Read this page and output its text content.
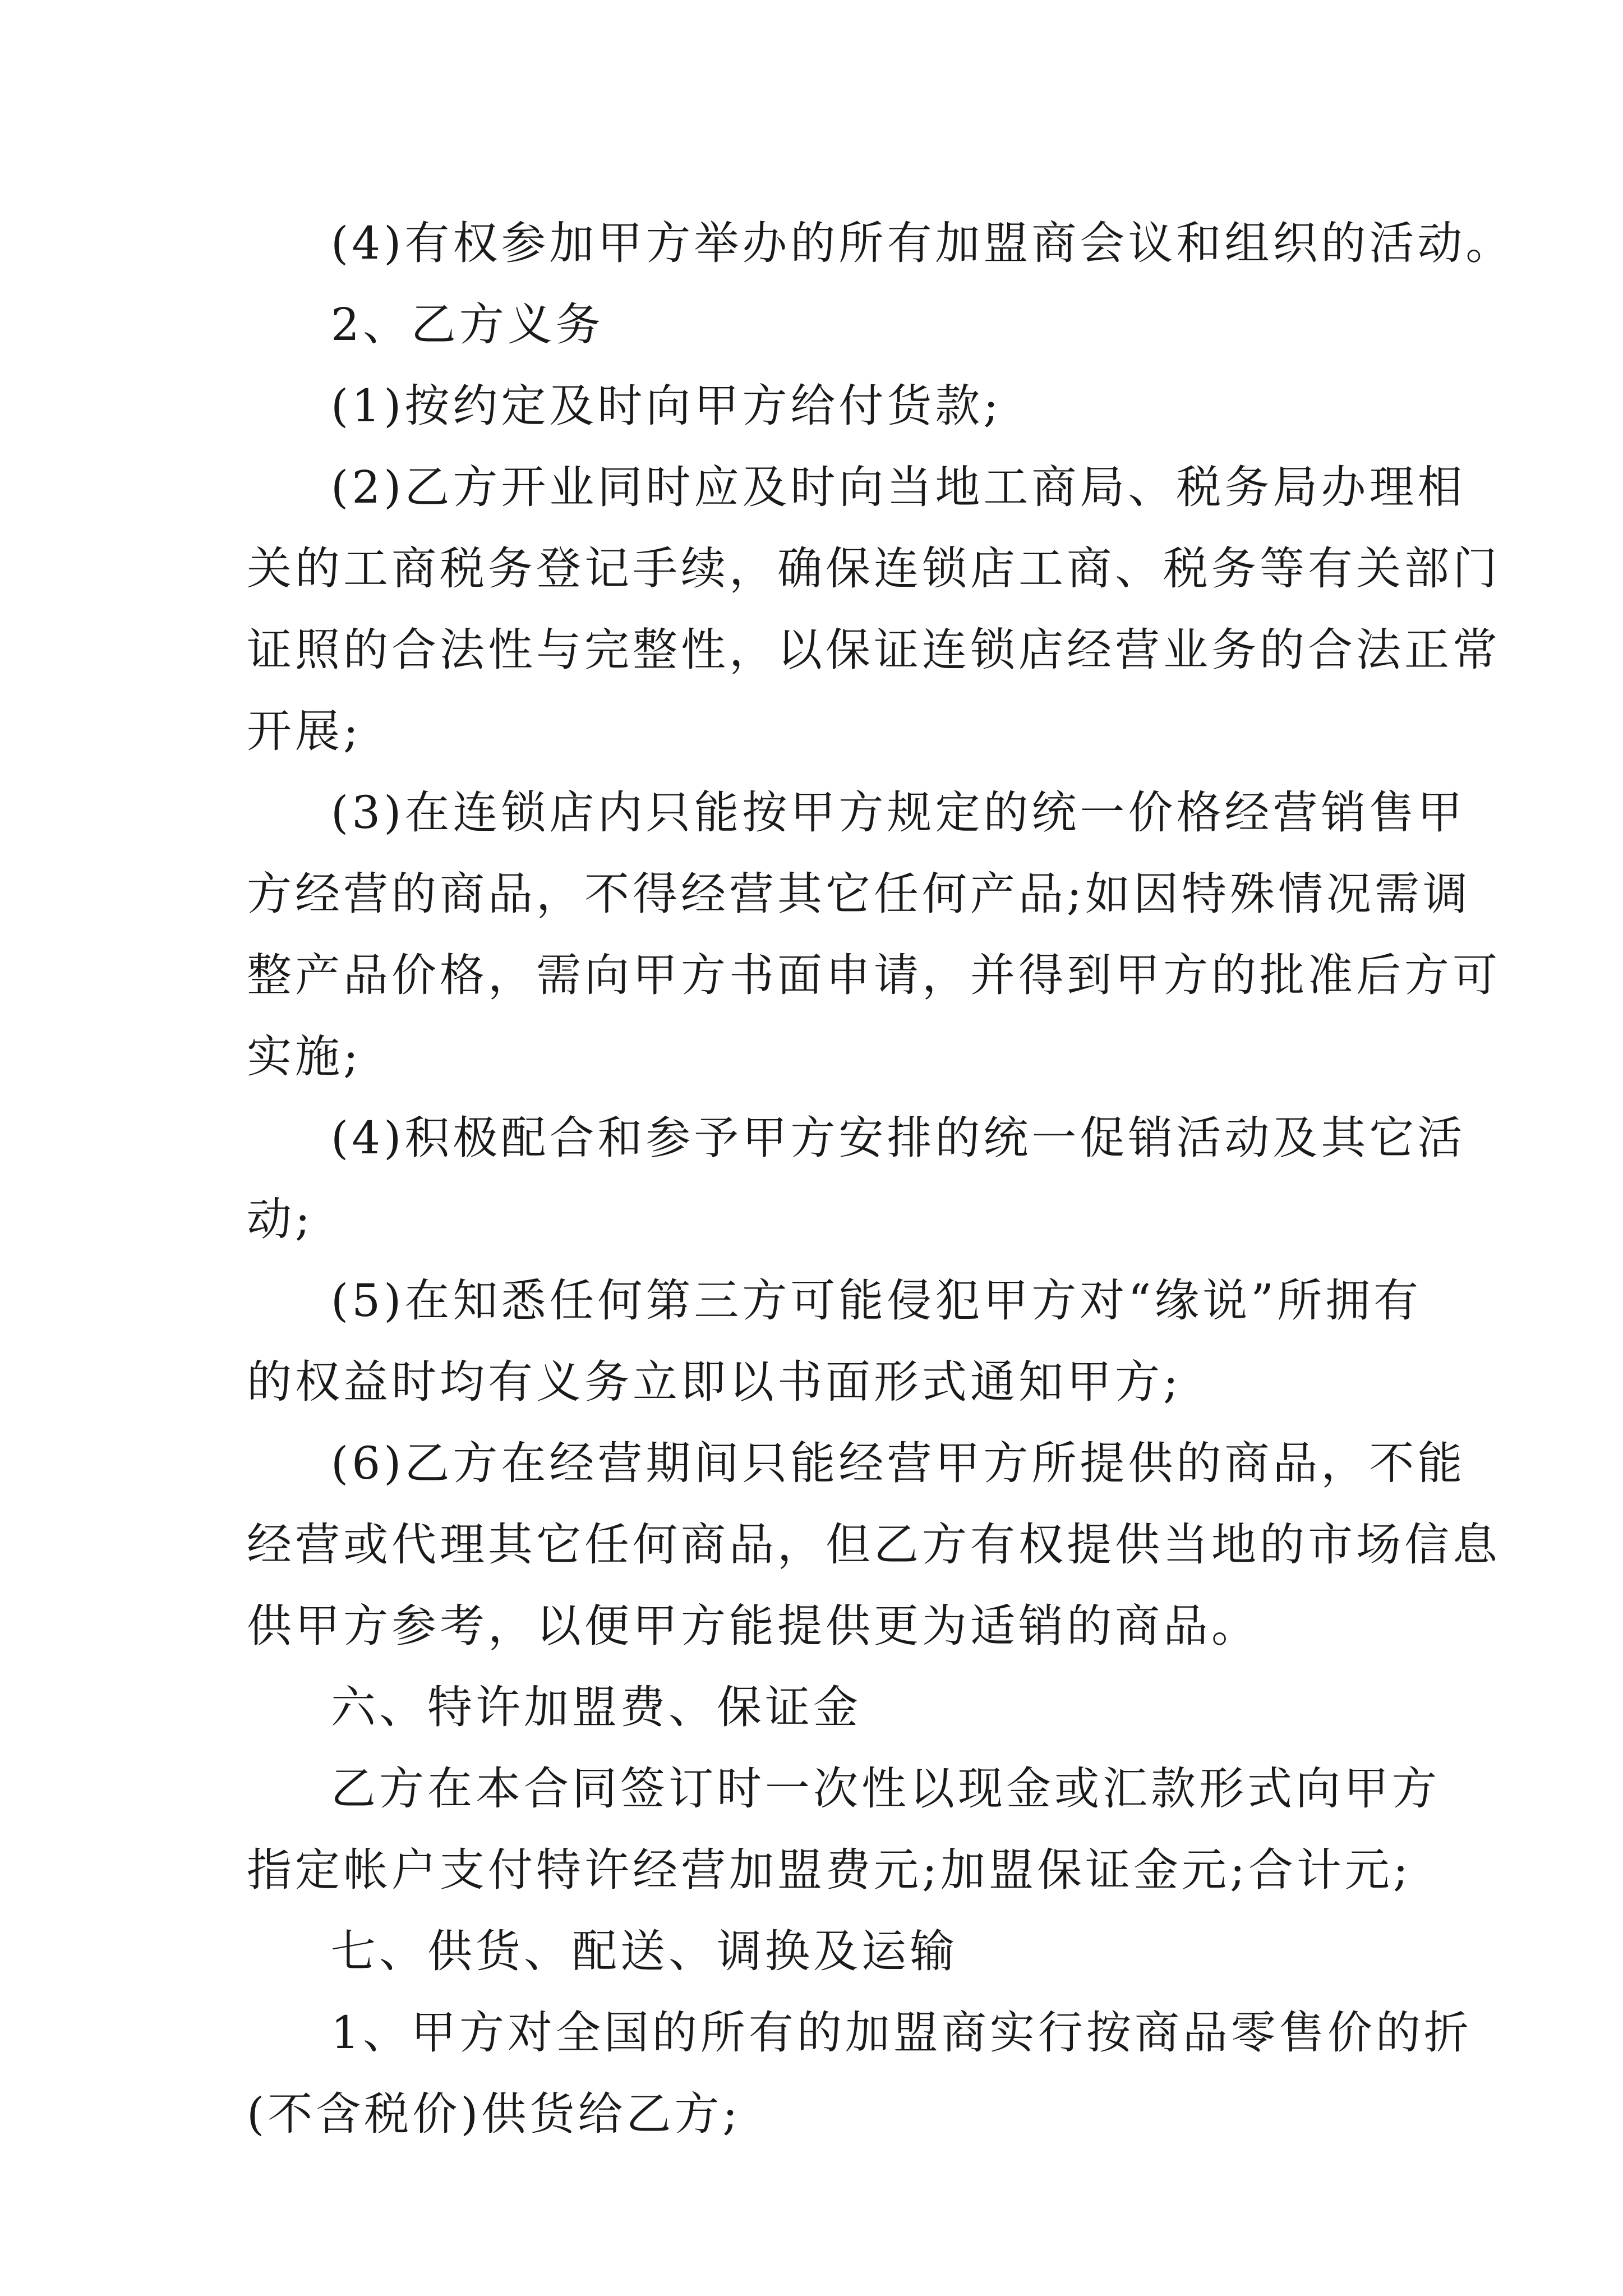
(4)有权参加甲方举办的所有加盟商会议和组织的活动。
2、乙方义务
(1)按约定及时向甲方给付货款;
(2)乙方开业同时应及时向当地工商局、税务局办理相
关的工商税务登记手续，确保连锁店工商、税务等有关部门
证照的合法性与完整性，以保证连锁店经营业务的合法正常
开展;
(3)在连锁店内只能按甲方规定的统一价格经营销售甲
方经营的商品，不得经营其它任何产品;如因特殊情况需调
整产品价格，需向甲方书面申请，并得到甲方的批准后方可
实施;
(4)积极配合和参予甲方安排的统一促销活动及其它活
动;
(5)在知悉任何第三方可能侵犯甲方对“缘说”所拥有
的权益时均有义务立即以书面形式通知甲方;
(6)乙方在经营期间只能经营甲方所提供的商品，不能
经营或代理其它任何商品，但乙方有权提供当地的市场信息
供甲方参考，以便甲方能提供更为适销的商品。
六、特许加盟费、保证金
乙方在本合同签订时一次性以现金或汇款形式向甲方
指定帐户支付特许经营加盟费元;加盟保证金元;合计元;
七、供货、配送、调换及运输
1、甲方对全国的所有的加盟商实行按商品零售价的折
(不含税价)供货给乙方;
